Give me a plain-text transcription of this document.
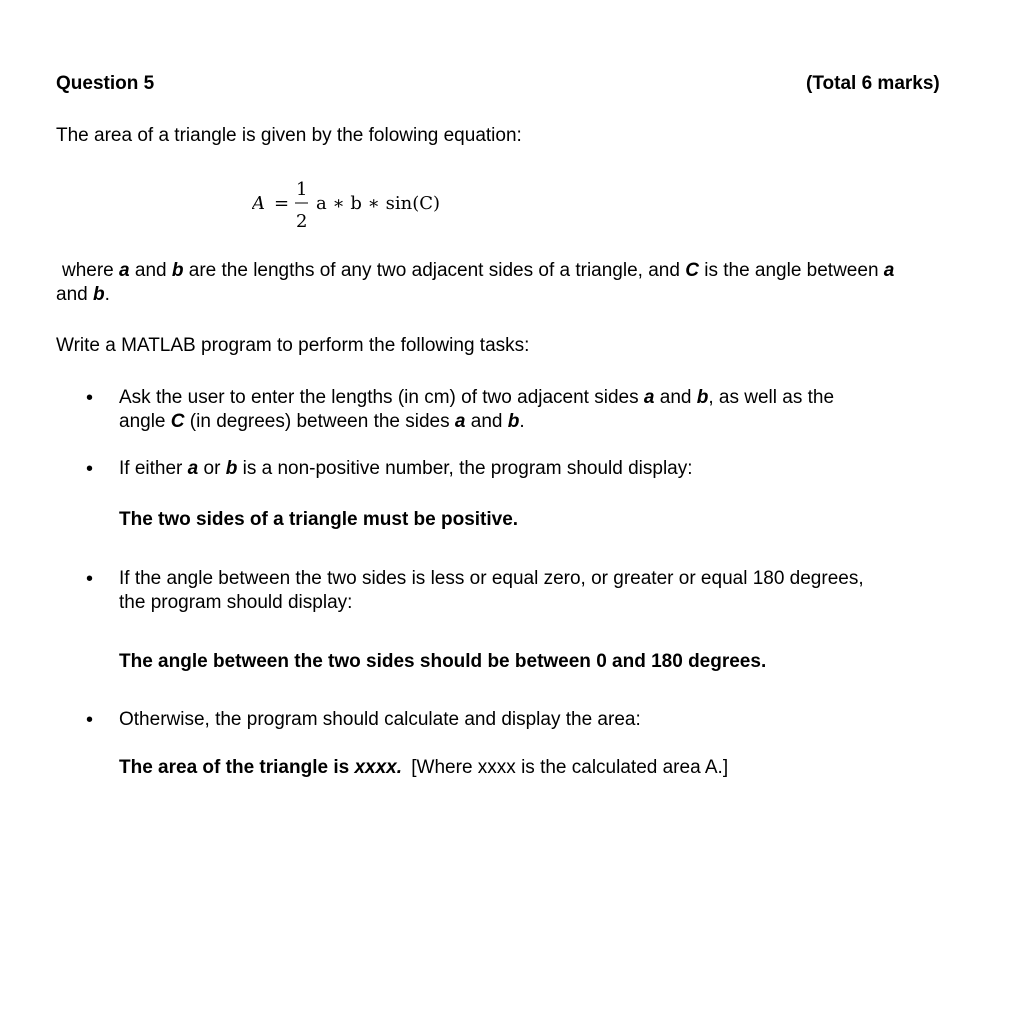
Question 5	(Total 6 marks)
The area of a triangle is given by the folowing equation:
A =
1
2
a ∗ b ∗ sin(C)
where a and b are the lengths of any two adjacent sides of a triangle, and C is the angle between a
and b.
Write a MATLAB program to perform the following tasks:
• Ask the user to enter the lengths (in cm) of two adjacent sides a and b, as well as the
angle C (in degrees) between the sides a and b.
• If either a or b is a non-positive number, the program should display:
The two sides of a triangle must be positive.
• If the angle between the two sides is less or equal zero, or greater or equal 180 degrees,
the program should display:
The angle between the two sides should be between 0 and 180 degrees.
• Otherwise, the program should calculate and display the area:
The area of the triangle is xxxx. [Where xxxx is the calculated area A.]
